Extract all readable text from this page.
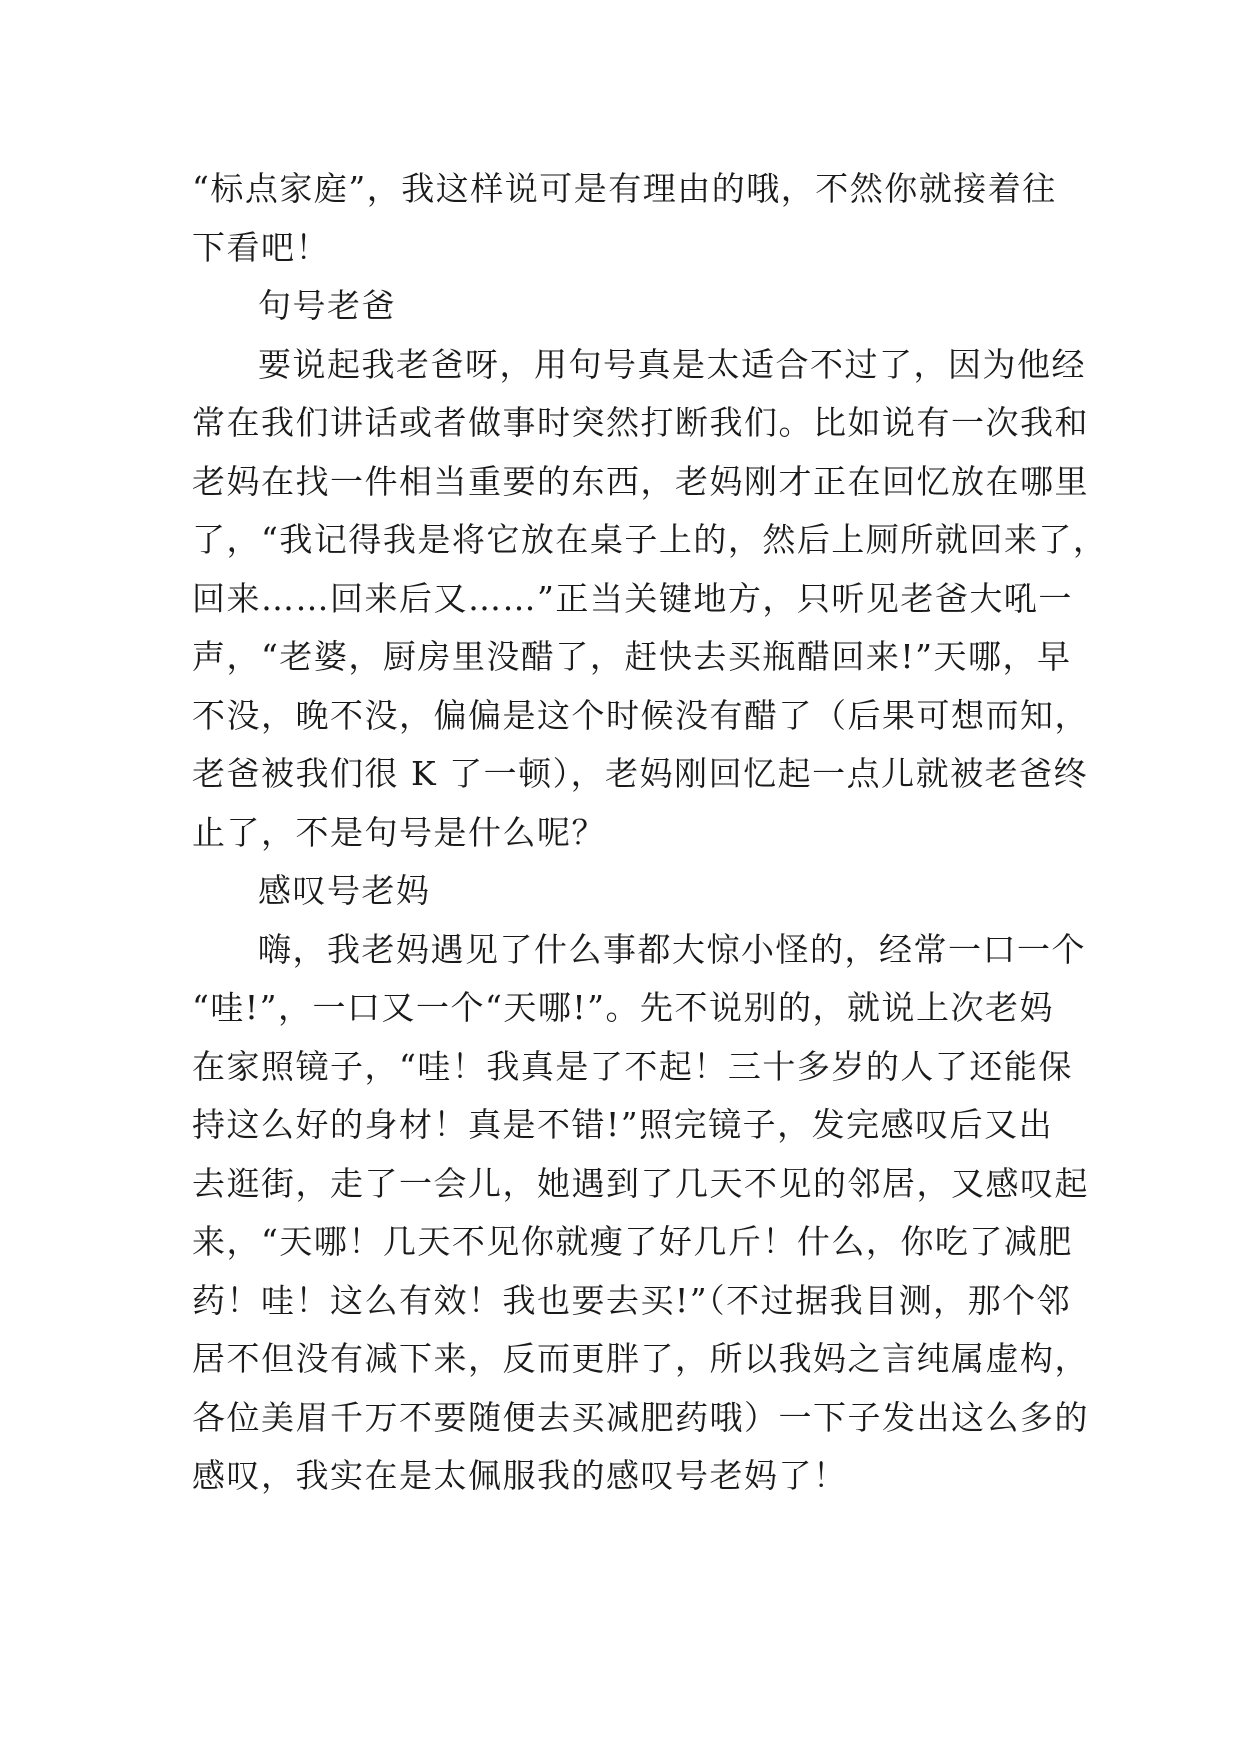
“标点家庭”，我这样说可是有理由的哦，不然你就接着往
下看吧！
句号老爸
要说起我老爸呀，用句号真是太适合不过了，因为他经
常在我们讲话或者做事时突然打断我们。比如说有一次我和
老妈在找一件相当重要的东西，老妈刚才正在回忆放在哪里
了，“我记得我是将它放在桌子上的，然后上厕所就回来了，
回来……回来后又……”正当关键地方，只听见老爸大吼一
声，“老婆，厨房里没醋了，赶快去买瓶醋回来!”天哪，早
不没，晚不没，偏偏是这个时候没有醋了（后果可想而知，
老爸被我们很 K 了一顿），老妈刚回忆起一点儿就被老爸终
止了，不是句号是什么呢？
感叹号老妈
嗨，我老妈遇见了什么事都大惊小怪的，经常一口一个
“哇!”，一口又一个“天哪!”。先不说别的，就说上次老妈
在家照镜子，“哇！我真是了不起！三十多岁的人了还能保
持这么好的身材！真是不错!”照完镜子，发完感叹后又出
去逛街，走了一会儿，她遇到了几天不见的邻居，又感叹起
来，“天哪！几天不见你就瘦了好几斤！什么，你吃了减肥
药！哇！这么有效！我也要去买!”（不过据我目测，那个邻
居不但没有减下来，反而更胖了，所以我妈之言纯属虚构，
各位美眉千万不要随便去买减肥药哦）一下子发出这么多的
感叹，我实在是太佩服我的感叹号老妈了！
